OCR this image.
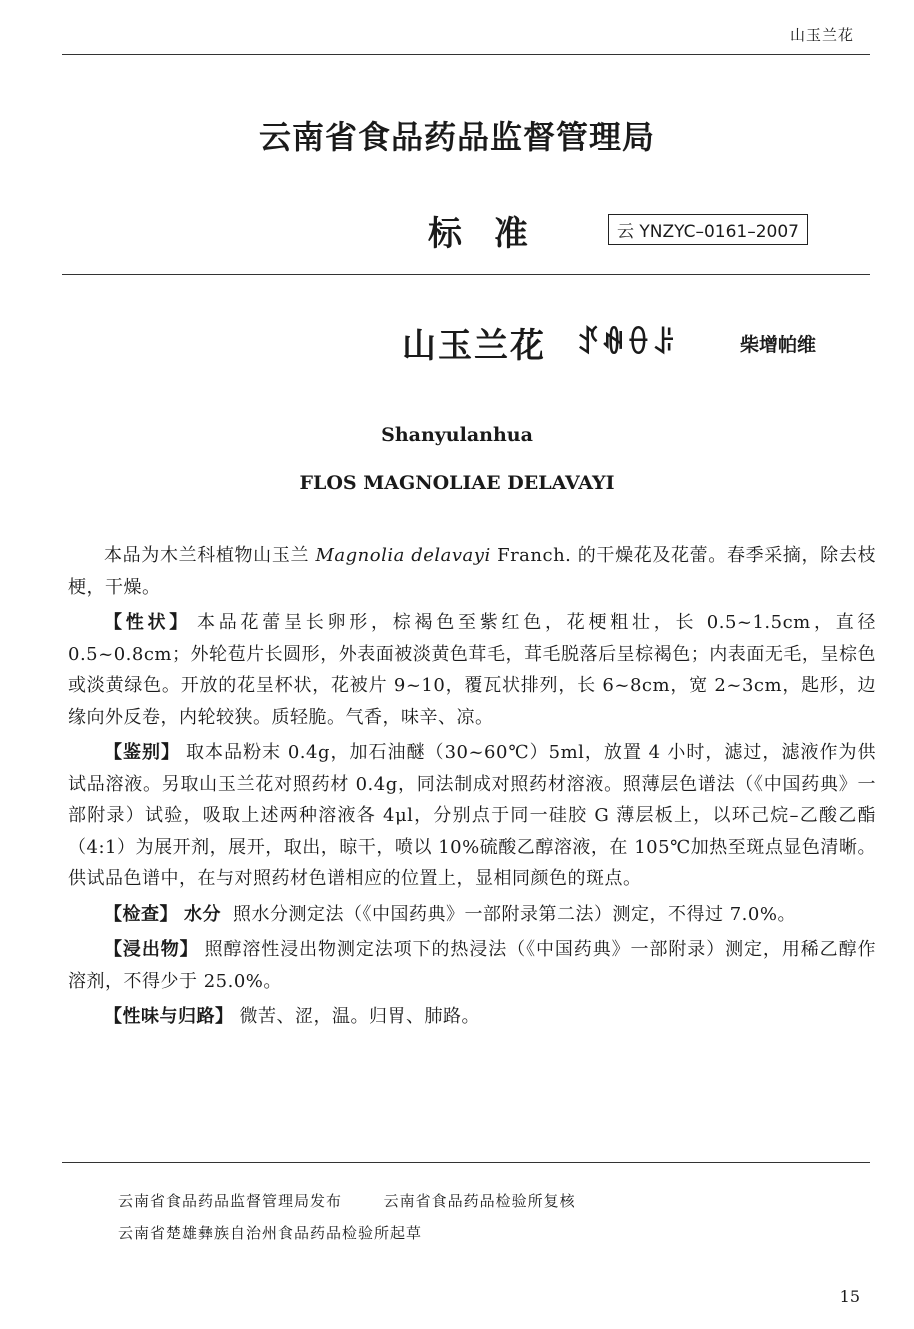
山玉兰花
云南省食品药品监督管理局
标 准	云 YNZYC–0161–2007
山玉兰花 ꀋꊿꂷꌠ	柴增帕维
Shanyulanhua
FLOS MAGNOLIAE DELAVAYI

本品为木兰科植物山玉兰 Magnolia delavayi Franch. 的干燥花及花蕾。春季采摘，除去枝梗，干燥。

【性状】 本品花蕾呈长卵形，棕褐色至紫红色，花梗粗壮，长 0.5~1.5cm，直径 0.5~0.8cm；外轮苞片长圆形，外表面被淡黄色茸毛，茸毛脱落后呈棕褐色；内表面无毛，呈棕色或淡黄绿色。开放的花呈杯状，花被片 9~10，覆瓦状排列，长 6~8cm，宽 2~3cm，匙形，边缘向外反卷，内轮较狭。质轻脆。气香，味辛、凉。

【鉴别】 取本品粉末 0.4g，加石油醚（30~60℃）5ml，放置 4 小时，滤过，滤液作为供试品溶液。另取山玉兰花对照药材 0.4g，同法制成对照药材溶液。照薄层色谱法（《中国药典》一部附录）试验，吸取上述两种溶液各 4μl，分别点于同一硅胶 G 薄层板上，以环己烷–乙酸乙酯（4:1）为展开剂，展开，取出，晾干，喷以 10%硫酸乙醇溶液，在 105℃加热至斑点显色清晰。供试品色谱中，在与对照药材色谱相应的位置上，显相同颜色的斑点。

【检查】 水分 照水分测定法（《中国药典》一部附录第二法）测定，不得过 7.0%。

【浸出物】 照醇溶性浸出物测定法项下的热浸法（《中国药典》一部附录）测定，用稀乙醇作溶剂，不得少于 25.0%。

【性味与归路】 微苦、涩，温。归胃、肺路。

云南省食品药品监督管理局发布	云南省食品药品检验所复核
云南省楚雄彝族自治州食品药品检验所起草
15
